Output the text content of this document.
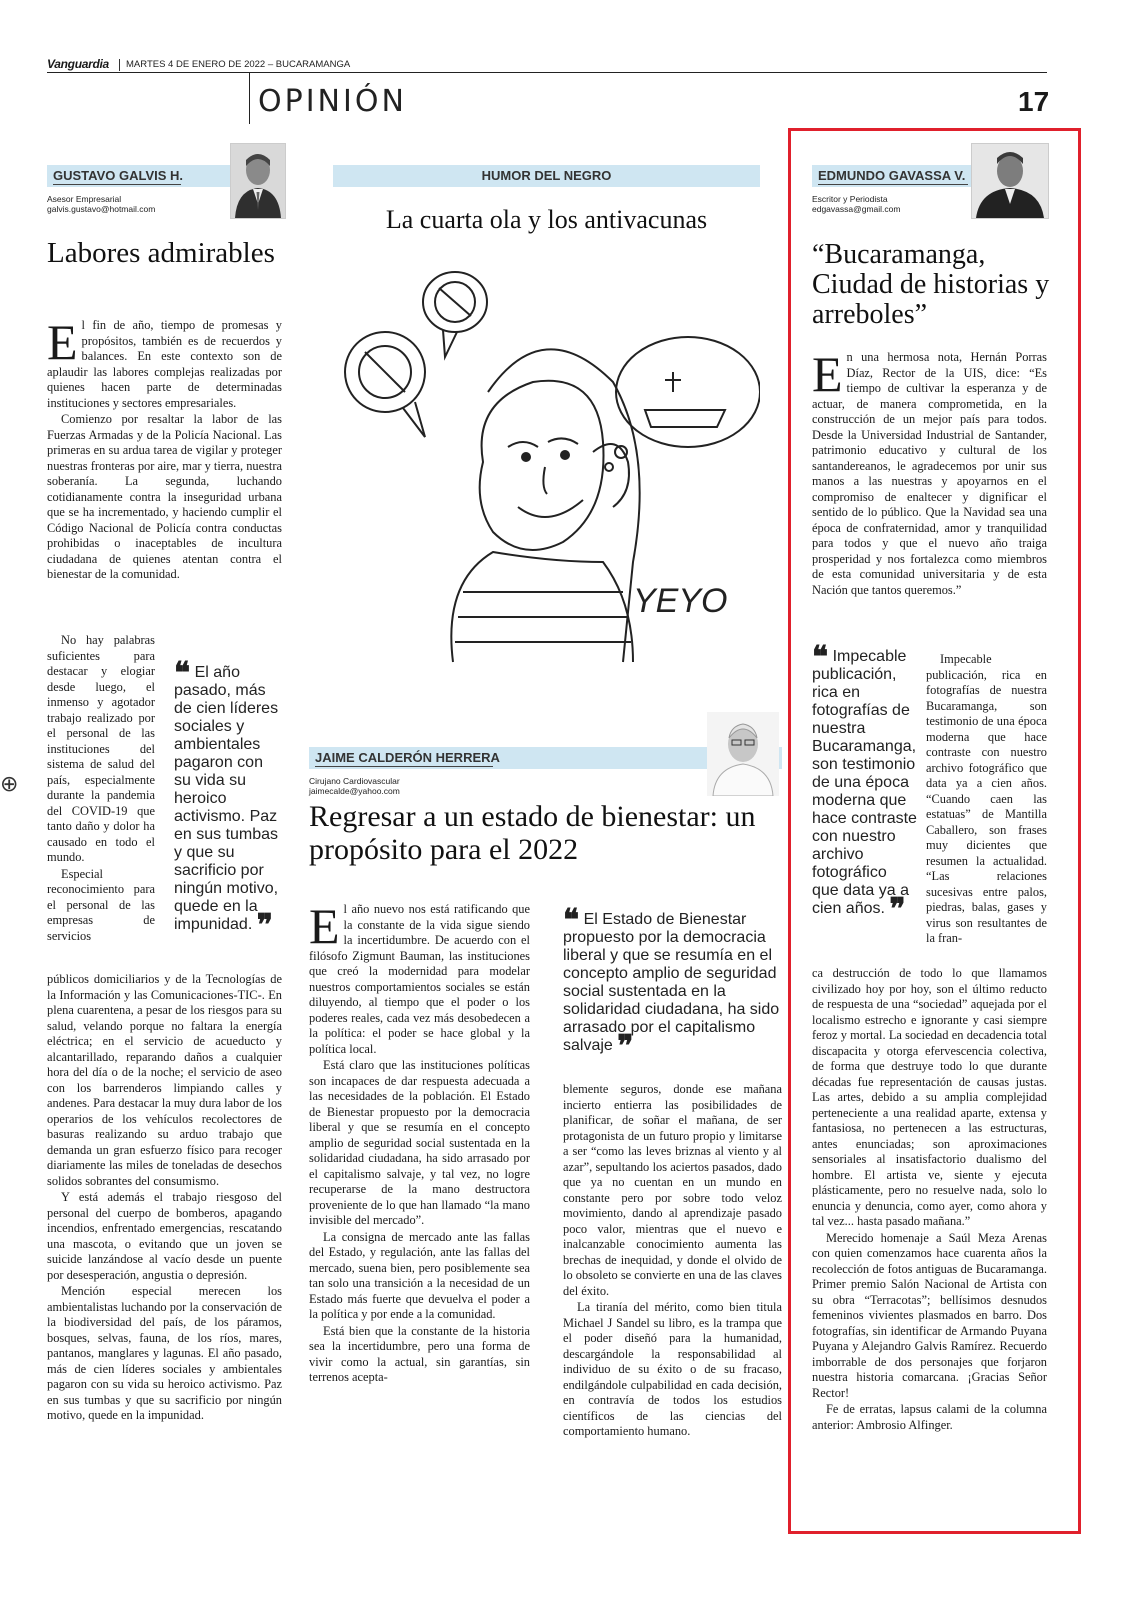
Vanguardia MARTES 4 DE ENERO DE 2022 – BUCARAMANGA
OPINIÓN	17
⊕
GUSTAVO GALVIS H.
Asesor Empresarial
galvis.gustavo@hotmail.com
Labores admirables

El fin de año, tiempo de promesas y propósitos, también es de recuerdos y balances. En este contexto son de aplaudir las labores complejas realizadas por quienes hacen parte de determinadas instituciones y sectores empresariales.

Comienzo por resaltar la labor de las Fuerzas Armadas y de la Policía Nacional. Las primeras en su ardua tarea de vigilar y proteger nuestras fronteras por aire, mar y tierra, nuestra soberanía. La segunda, luchando cotidianamente contra la inseguridad urbana que se ha incrementado, y haciendo cumplir el Código Nacional de Policía contra conductas prohibidas o inaceptables de incultura ciudadana de quienes atentan contra el bienestar de la comunidad.

No hay palabras suficientes para destacar y elogiar desde luego, el inmenso y agotador trabajo realizado por el personal de las instituciones del sistema de salud del país, especialmente durante la pandemia del COVID-19 que tanto daño y dolor ha causado en todo el mundo.

Especial reconocimiento para el personal de las empresas de servicios

❝ El año pasado, más de cien líderes sociales y ambientales pagaron con su vida su heroico activismo. Paz en sus tumbas y que su sacrificio por ningún motivo, quede en la impunidad. ❞

públicos domiciliarios y de la Tecnologías de la Información y las Comunicaciones-TIC-. En plena cuarentena, a pesar de los riesgos para su salud, velando porque no faltara la energía eléctrica; en el servicio de acueducto y alcantarillado, reparando daños a cualquier hora del día o de la noche; el servicio de aseo con los barrenderos limpiando calles y andenes. Para destacar la muy dura labor de los operarios de los vehículos recolectores de basuras realizando su arduo trabajo que demanda un gran esfuerzo físico para recoger diariamente las miles de toneladas de desechos solidos sobrantes del consumismo.

Y está además el trabajo riesgoso del personal del cuerpo de bomberos, apagando incendios, enfrentado emergencias, rescatando una mascota, o evitando que un joven se suicide lanzándose al vacío desde un puente por desesperación, angustia o depresión.

Mención especial merecen los ambientalistas luchando por la conservación de la biodiversidad del país, de los páramos, bosques, selvas, fauna, de los ríos, mares, pantanos, manglares y lagunas. El año pasado, más de cien líderes sociales y ambientales pagaron con su vida su heroico activismo. Paz en sus tumbas y que su sacrificio por ningún motivo, quede en la impunidad.

HUMOR DEL NEGRO
La cuarta ola y los antivacunas
YEYO
JAIME CALDERÓN HERRERA
Cirujano Cardiovascular
jaimecalde@yahoo.com
Regresar a un estado de bienestar: un propósito para el 2022

El año nuevo nos está ratificando que la constante de la vida sigue siendo la incertidumbre. De acuerdo con el filósofo Zigmunt Bauman, las instituciones que creó la modernidad para modelar nuestros comportamientos sociales se están diluyendo, al tiempo que el poder o los poderes reales, cada vez más desobedecen a la política: el poder se hace global y la política local.

Está claro que las instituciones políticas son incapaces de dar respuesta adecuada a las necesidades de la población. El Estado de Bienestar propuesto por la democracia liberal y que se resumía en el concepto amplio de seguridad social sustentada en la solidaridad ciudadana, ha sido arrasado por el capitalismo salvaje, y tal vez, no logre recuperarse de la mano destructora proveniente de lo que han llamado “la mano invisible del mercado”.

La consigna de mercado ante las fallas del Estado, y regulación, ante las fallas del mercado, suena bien, pero posiblemente sea tan solo una transición a la necesidad de un Estado más fuerte que devuelva el poder a la política y por ende a la comunidad.

Está bien que la constante de la historia sea la incertidumbre, pero una forma de vivir como la actual, sin garantías, sin terrenos acepta-

❝ El Estado de Bienestar propuesto por la democracia liberal y que se resumía en el concepto amplio de seguridad social sustentada en la solidaridad ciudadana, ha sido arrasado por el capitalismo salvaje ❞

blemente seguros, donde ese mañana incierto entierra las posibilidades de planificar, de soñar el mañana, de ser protagonista de un futuro propio y limitarse a ser “como las leves briznas al viento y al azar”, sepultando los aciertos pasados, dado que ya no cuentan en un mundo en constante pero por sobre todo veloz movimiento, dando al aprendizaje pasado poco valor, mientras que el nuevo e inalcanzable conocimiento aumenta las brechas de inequidad, y donde el olvido de lo obsoleto se convierte en una de las claves del éxito.

La tiranía del mérito, como bien titula Michael J Sandel su libro, es la trampa que el poder diseñó para la humanidad, descargándole la responsabilidad al individuo de su éxito o de su fracaso, endilgándole culpabilidad en cada decisión, en contravía de todos los estudios científicos de las ciencias del comportamiento humano.

EDMUNDO GAVASSA V.
Escritor y Periodista
edgavassa@gmail.com
“Bucaramanga, Ciudad de historias y arreboles”

En una hermosa nota, Hernán Porras Díaz, Rector de la UIS, dice: “Es tiempo de cultivar la esperanza y de actuar, de manera comprometida, en la construcción de un mejor país para todos. Desde la Universidad Industrial de Santander, patrimonio educativo y cultural de los santandereanos, le agradecemos por unir sus manos a las nuestras y apoyarnos en el compromiso de enaltecer y dignificar el sentido de lo público. Que la Navidad sea una época de confraternidad, amor y tranquilidad para todos y que el nuevo año traiga prosperidad y nos fortalezca como miembros de esta comunidad universitaria y de esta Nación que tantos queremos.”

❝ Impecable publicación, rica en fotografías de nuestra Bucaramanga, son testimonio de una época moderna que hace contraste con nuestro archivo fotográfico que data ya a cien años. ❞

Impecable publicación, rica en fotografías de nuestra Bucaramanga, son testimonio de una época moderna que hace contraste con nuestro archivo fotográfico que data ya a cien años. “Cuando caen las estatuas” de Mantilla Caballero, son frases muy dicientes que resumen la actualidad. “Las relaciones sucesivas entre palos, piedras, balas, gases y virus son resultantes de la fran-

ca destrucción de todo lo que llamamos civilizado hoy por hoy, son el último reducto de respuesta de una “sociedad” aquejada por el localismo estrecho e ignorante y casi siempre feroz y mortal. La sociedad en decadencia total discapacita y otorga efervescencia colectiva, de forma que destruye todo lo que durante décadas fue representación de causas justas. Las artes, debido a su amplia complejidad perteneciente a una realidad aparte, extensa y fantasiosa, no pertenecen a las estructuras, antes enunciadas; son aproximaciones sensoriales al insatisfactorio dualismo del hombre. El artista ve, siente y ejecuta plásticamente, pero no resuelve nada, solo lo enuncia y denuncia, como ayer, como ahora y tal vez... hasta pasado mañana.”

Merecido homenaje a Saúl Meza Arenas con quien comenzamos hace cuarenta años la recolección de fotos antiguas de Bucaramanga. Primer premio Salón Nacional de Artista con su obra “Terracotas”; bellísimos desnudos femeninos vivientes plasmados en barro. Dos fotografías, sin identificar de Armando Puyana Puyana y Alejandro Galvis Ramírez. Recuerdo imborrable de dos personajes que forjaron nuestra historia comarcana. ¡Gracias Señor Rector!

Fe de erratas, lapsus calami de la columna anterior: Ambrosio Alfinger.
